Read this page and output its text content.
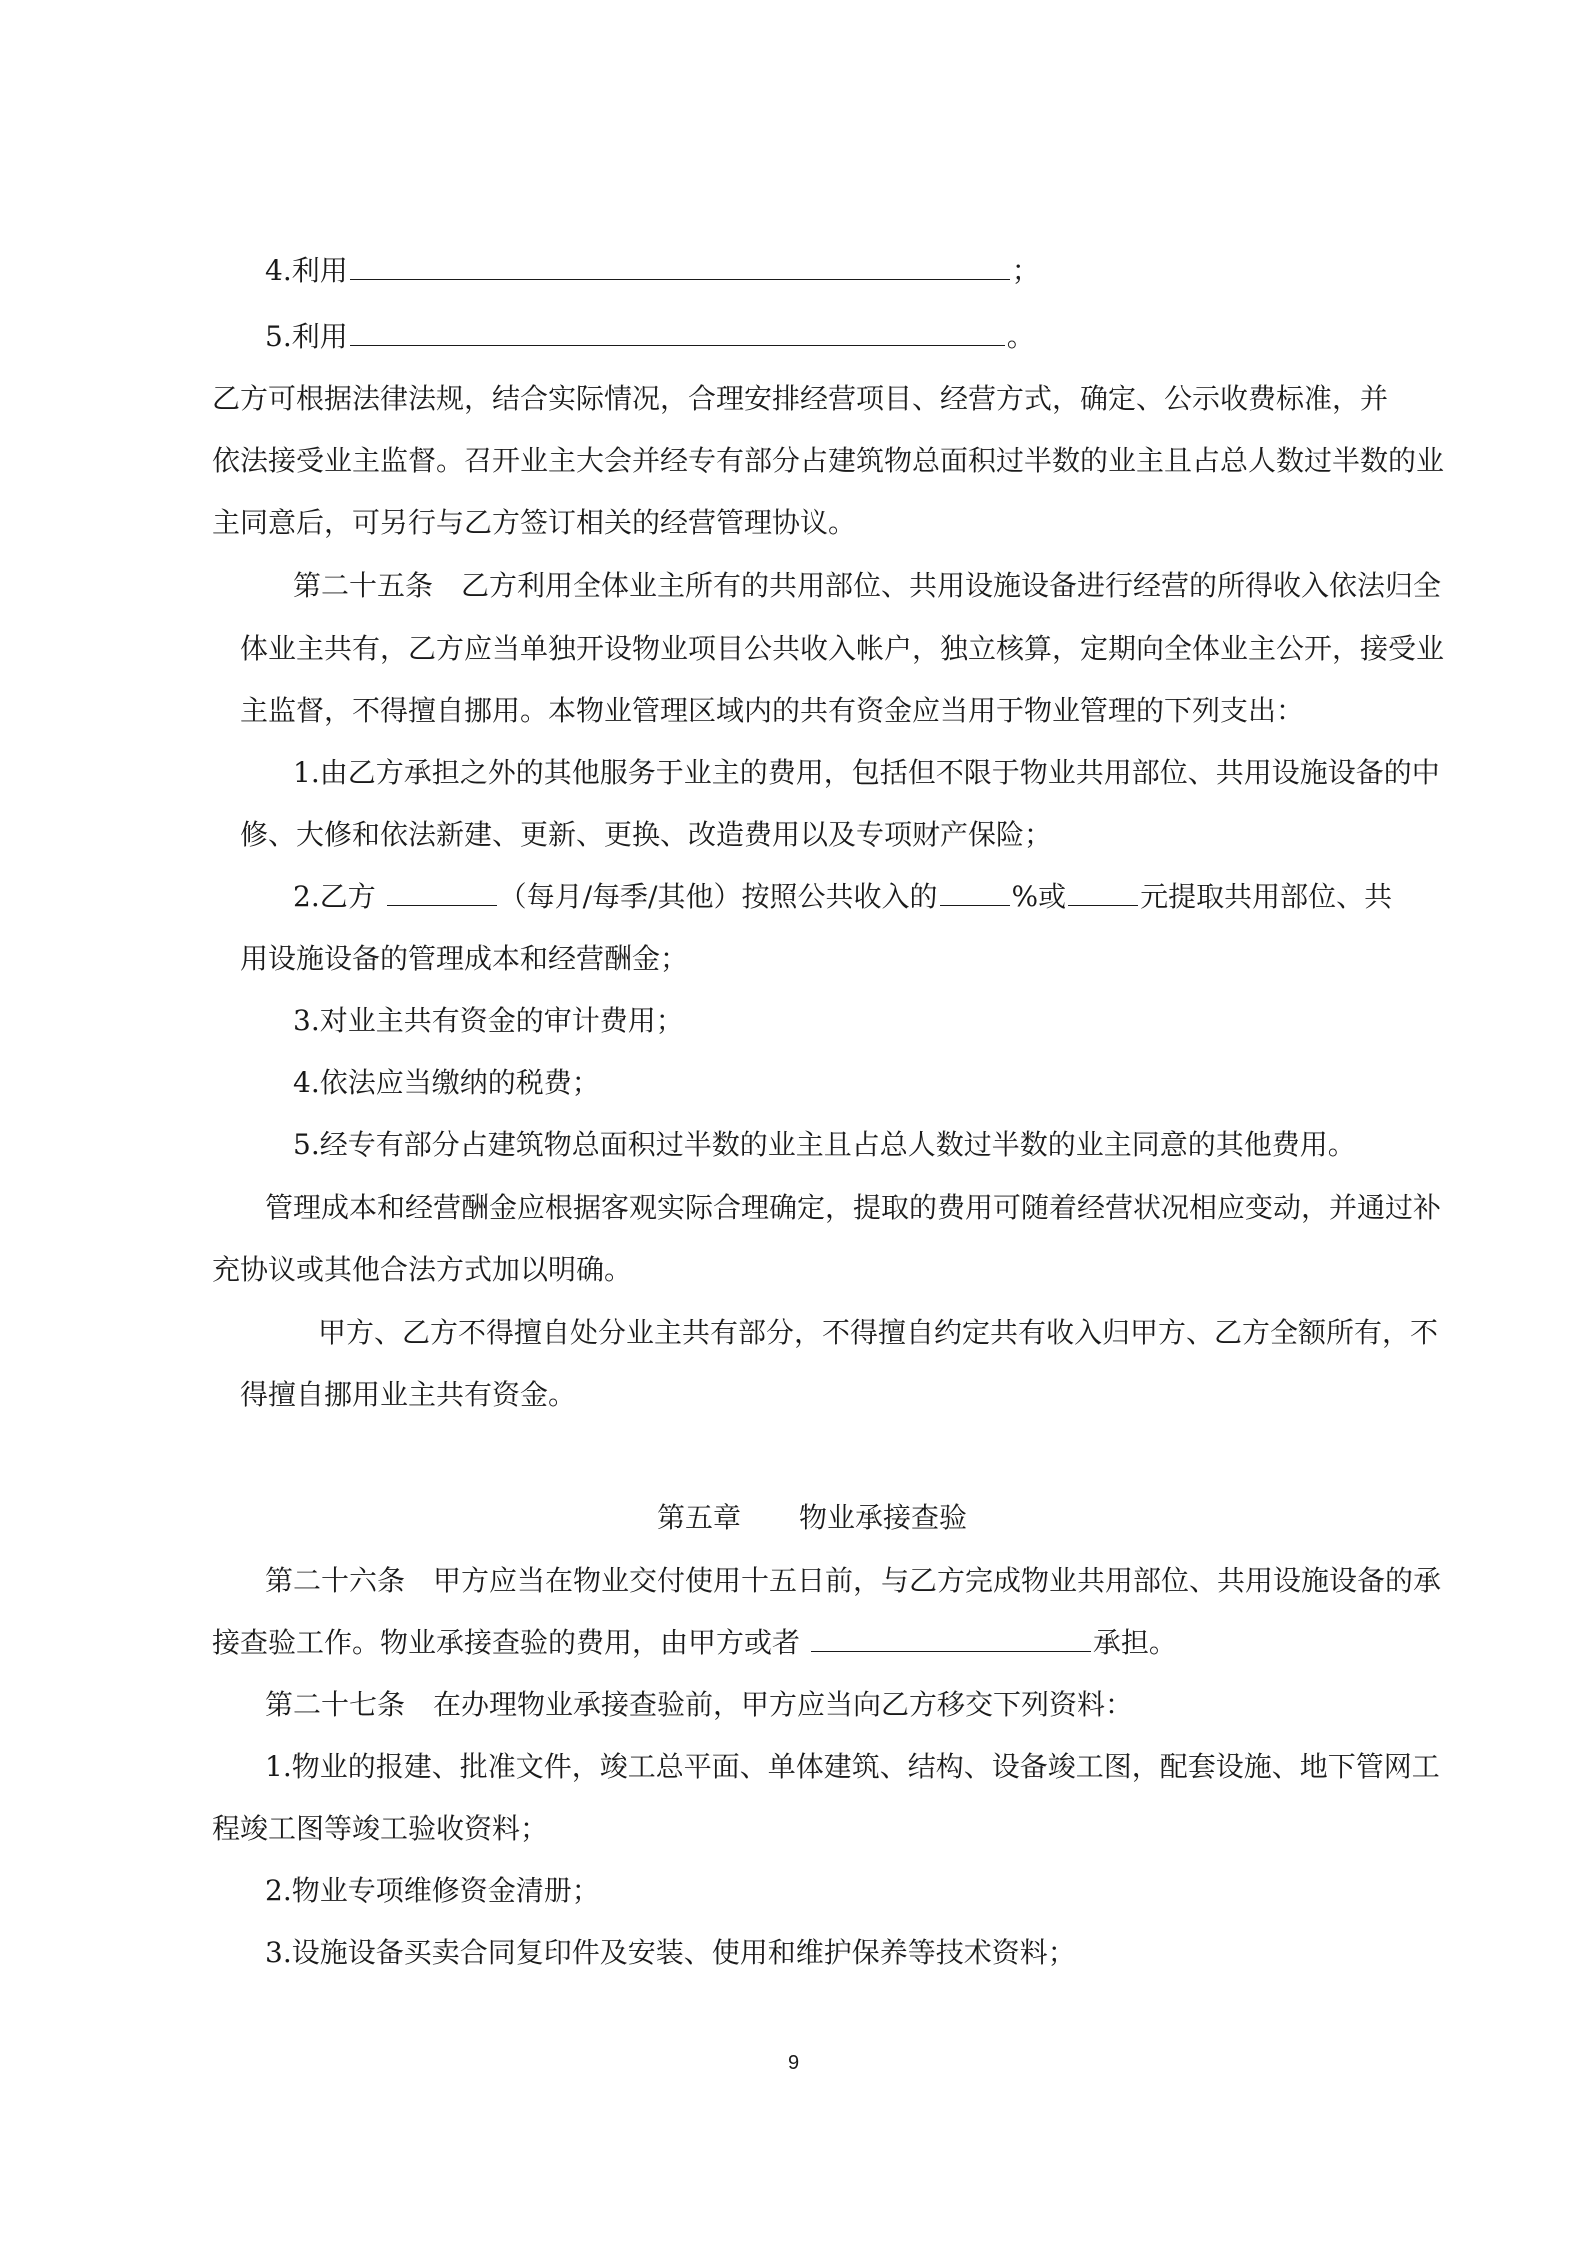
4.利用	；
5.利用	。
乙方可根据法律法规，结合实际情况，合理安排经营项目、经营方式，确定、公示收费标准，并
依法接受业主监督。召开业主大会并经专有部分占建筑物总面积过半数的业主且占总人数过半数的业
主同意后，可另行与乙方签订相关的经营管理协议。
第二十五条　乙方利用全体业主所有的共用部位、共用设施设备进行经营的所得收入依法归全
体业主共有，乙方应当单独开设物业项目公共收入帐户，独立核算，定期向全体业主公开，接受业
主监督，不得擅自挪用。本物业管理区域内的共有资金应当用于物业管理的下列支出：
1.由乙方承担之外的其他服务于业主的费用，包括但不限于物业共用部位、共用设施设备的中
修、大修和依法新建、更新、更换、改造费用以及专项财产保险；
2.乙方	（每月/每季/其他）按照公共收入的	%或	元提取共用部位、共
用设施设备的管理成本和经营酬金；
3.对业主共有资金的审计费用；
4.依法应当缴纳的税费；
5.经专有部分占建筑物总面积过半数的业主且占总人数过半数的业主同意的其他费用。
管理成本和经营酬金应根据客观实际合理确定，提取的费用可随着经营状况相应变动，并通过补
充协议或其他合法方式加以明确。
甲方、乙方不得擅自处分业主共有部分，不得擅自约定共有收入归甲方、乙方全额所有，不
得擅自挪用业主共有资金。
第五章 物业承接查验
第二十六条　甲方应当在物业交付使用十五日前，与乙方完成物业共用部位、共用设施设备的承
接查验工作。物业承接查验的费用，由甲方或者	承担。
第二十七条　在办理物业承接查验前，甲方应当向乙方移交下列资料：
1.物业的报建、批准文件，竣工总平面、单体建筑、结构、设备竣工图，配套设施、地下管网工
程竣工图等竣工验收资料；
2.物业专项维修资金清册；
3.设施设备买卖合同复印件及安装、使用和维护保养等技术资料；
9
